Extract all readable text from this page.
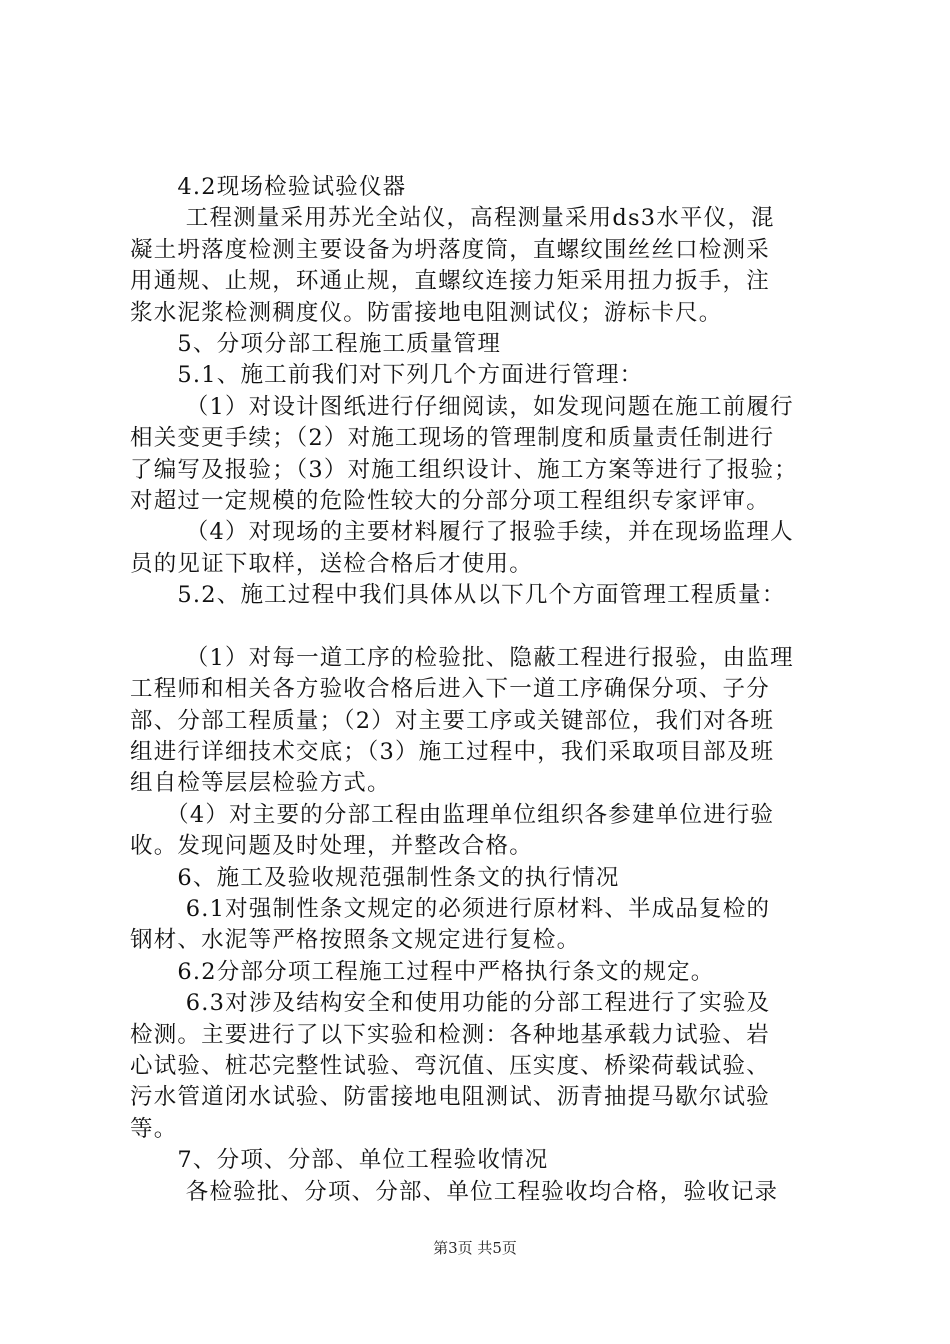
　　4.2现场检验试验仪器
　　 工程测量采用苏光全站仪，高程测量采用ds3水平仪，混
凝土坍落度检测主要设备为坍落度筒，直螺纹围丝丝口检测采
用通规、止规，环通止规，直螺纹连接力矩采用扭力扳手，注
浆水泥浆检测稠度仪。防雷接地电阻测试仪；游标卡尺。
　　5、分项分部工程施工质量管理
　　5.1、施工前我们对下列几个方面进行管理：
　　 （1）对设计图纸进行仔细阅读，如发现问题在施工前履行
相关变更手续；（2）对施工现场的管理制度和质量责任制进行
了编写及报验；（3）对施工组织设计、施工方案等进行了报验；
对超过一定规模的危险性较大的分部分项工程组织专家评审。
　　 （4）对现场的主要材料履行了报验手续，并在现场监理人
员的见证下取样，送检合格后才使用。
　　5.2、施工过程中我们具体从以下几个方面管理工程质量：
　　 （1）对每一道工序的检验批、隐蔽工程进行报验，由监理
工程师和相关各方验收合格后进入下一道工序确保分项、子分
部、分部工程质量；（2）对主要工序或关键部位，我们对各班
组进行详细技术交底；（3）施工过程中，我们采取项目部及班
组自检等层层检验方式。
　　（4）对主要的分部工程由监理单位组织各参建单位进行验
收。发现问题及时处理，并整改合格。
　　6、施工及验收规范强制性条文的执行情况
　　 6.1对强制性条文规定的必须进行原材料、半成品复检的
钢材、水泥等严格按照条文规定进行复检。
　　6.2分部分项工程施工过程中严格执行条文的规定。
　　 6.3对涉及结构安全和使用功能的分部工程进行了实验及
检测。主要进行了以下实验和检测：各种地基承载力试验、岩
心试验、桩芯完整性试验、弯沉值、压实度、桥梁荷载试验、
污水管道闭水试验、防雷接地电阻测试、沥青抽提马歇尔试验
等。
　　7、分项、分部、单位工程验收情况
　　 各检验批、分项、分部、单位工程验收均合格，验收记录
第3页 共5页
